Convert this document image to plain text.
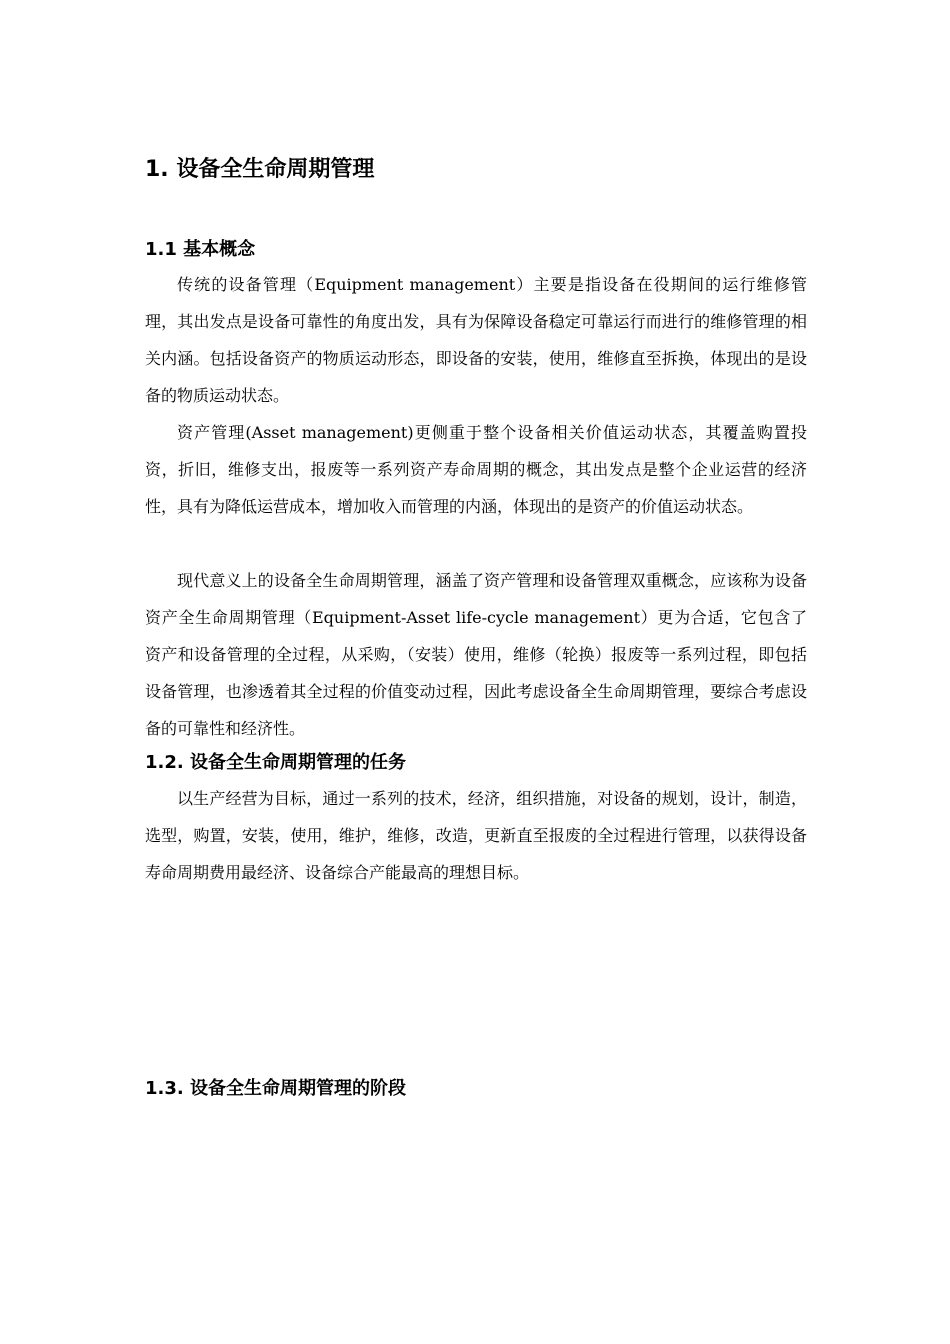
1. 设备全生命周期管理
1.1 基本概念

传统的设备管理（Equipment management）主要是指设备在役期间的运行维修管理，其出发点是设备可靠性的角度出发，具有为保障设备稳定可靠运行而进行的维修管理的相关内涵。包括设备资产的物质运动形态，即设备的安装，使用，维修直至拆换，体现出的是设备的物质运动状态。

资产管理(Asset management)更侧重于整个设备相关价值运动状态，其覆盖购置投资，折旧，维修支出，报废等一系列资产寿命周期的概念，其出发点是整个企业运营的经济性，具有为降低运营成本，增加收入而管理的内涵，体现出的是资产的价值运动状态。

现代意义上的设备全生命周期管理，涵盖了资产管理和设备管理双重概念，应该称为设备资产全生命周期管理（Equipment-Asset life-cycle management）更为合适，它包含了资产和设备管理的全过程，从采购，（安装）使用，维修（轮换）报废等一系列过程，即包括设备管理，也渗透着其全过程的价值变动过程，因此考虑设备全生命周期管理，要综合考虑设备的可靠性和经济性。

1.2. 设备全生命周期管理的任务

以生产经营为目标，通过一系列的技术，经济，组织措施，对设备的规划，设计，制造，选型，购置，安装，使用，维护，维修，改造，更新直至报废的全过程进行管理，以获得设备寿命周期费用最经济、设备综合产能最高的理想目标。

1.3. 设备全生命周期管理的阶段
